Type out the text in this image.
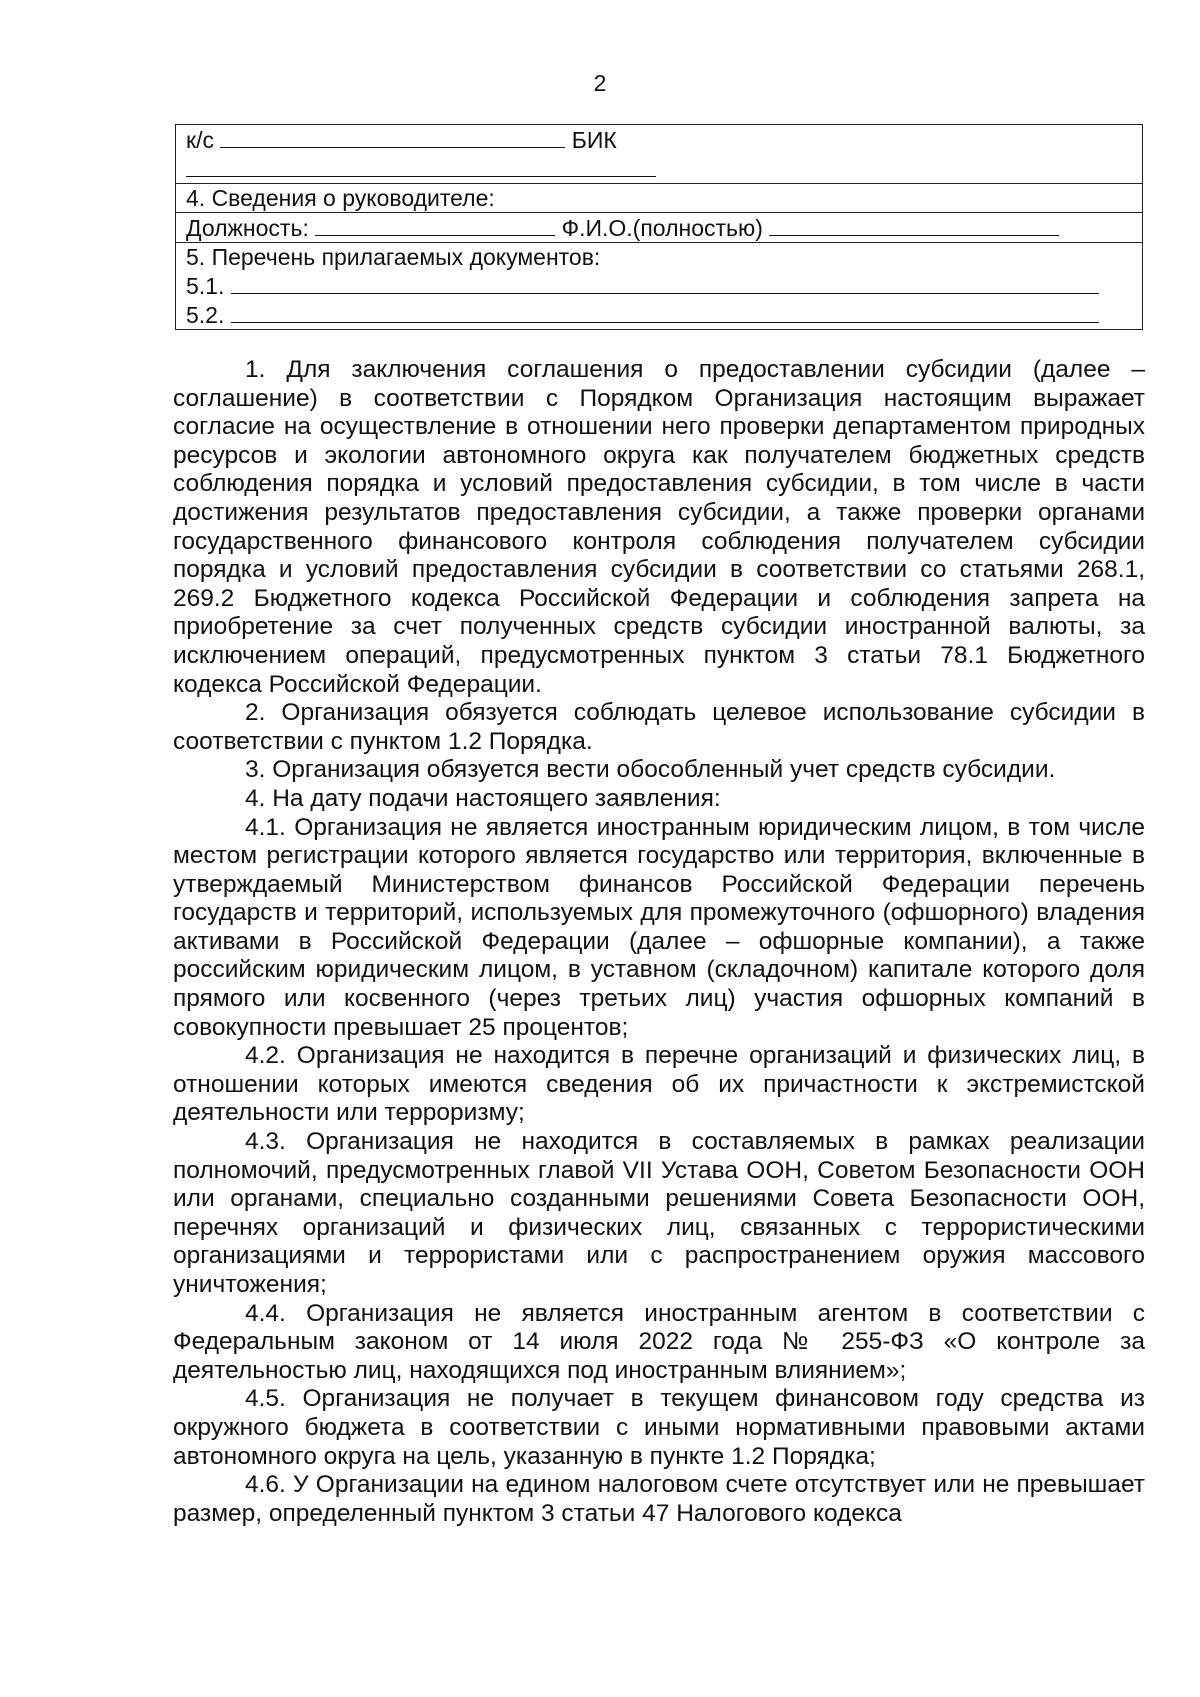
2
к/с	БИК

4. Сведения о руководителе:
Должность:	Ф.И.О.(полностью)

5. Перечень прилагаемых документов:
5.1.
5.2.

1. Для заключения соглашения о предоставлении субсидии (далее – соглашение) в соответствии с Порядком Организация настоящим выражает согласие на осуществление в отношении него проверки департаментом природных ресурсов и экологии автономного округа как получателем бюджетных средств соблюдения порядка и условий предоставления субсидии, в том числе в части достижения результатов предоставления субсидии, а также проверки органами государственного финансового контроля соблюдения получателем субсидии порядка и условий предоставления субсидии в соответствии со статьями 268.1, 269.2 Бюджетного кодекса Российской Федерации и соблюдения запрета на приобретение за счет полученных средств субсидии иностранной валюты, за исключением операций, предусмотренных пунктом 3 статьи 78.1 Бюджетного кодекса Российской Федерации.

2. Организация обязуется соблюдать целевое использование субсидии в соответствии с пунктом 1.2 Порядка.

3. Организация обязуется вести обособленный учет средств субсидии.

4. На дату подачи настоящего заявления:

4.1. Организация не является иностранным юридическим лицом, в том числе местом регистрации которого является государство или территория, включенные в утверждаемый Министерством финансов Российской Федерации перечень государств и территорий, используемых для промежуточного (офшорного) владения активами в Российской Федерации (далее – офшорные компании), а также российским юридическим лицом, в уставном (складочном) капитале которого доля прямого или косвенного (через третьих лиц) участия офшорных компаний в совокупности превышает 25 процентов;

4.2. Организация не находится в перечне организаций и физических лиц, в отношении которых имеются сведения об их причастности к экстремистской деятельности или терроризму;

4.3. Организация не находится в составляемых в рамках реализации полномочий, предусмотренных главой VII Устава ООН, Советом Безопасности ООН или органами, специально созданными решениями Совета Безопасности ООН, перечнях организаций и физических лиц, связанных с террористическими организациями и террористами или с распространением оружия массового уничтожения;

4.4. Организация не является иностранным агентом в соответствии с Федеральным законом от 14 июля 2022 года № 255-ФЗ «О контроле за деятельностью лиц, находящихся под иностранным влиянием»;

4.5. Организация не получает в текущем финансовом году средства из окружного бюджета в соответствии с иными нормативными правовыми актами автономного округа на цель, указанную в пункте 1.2 Порядка;

4.6. У Организации на едином налоговом счете отсутствует или не превышает размер, определенный пунктом 3 статьи 47 Налогового кодекса
